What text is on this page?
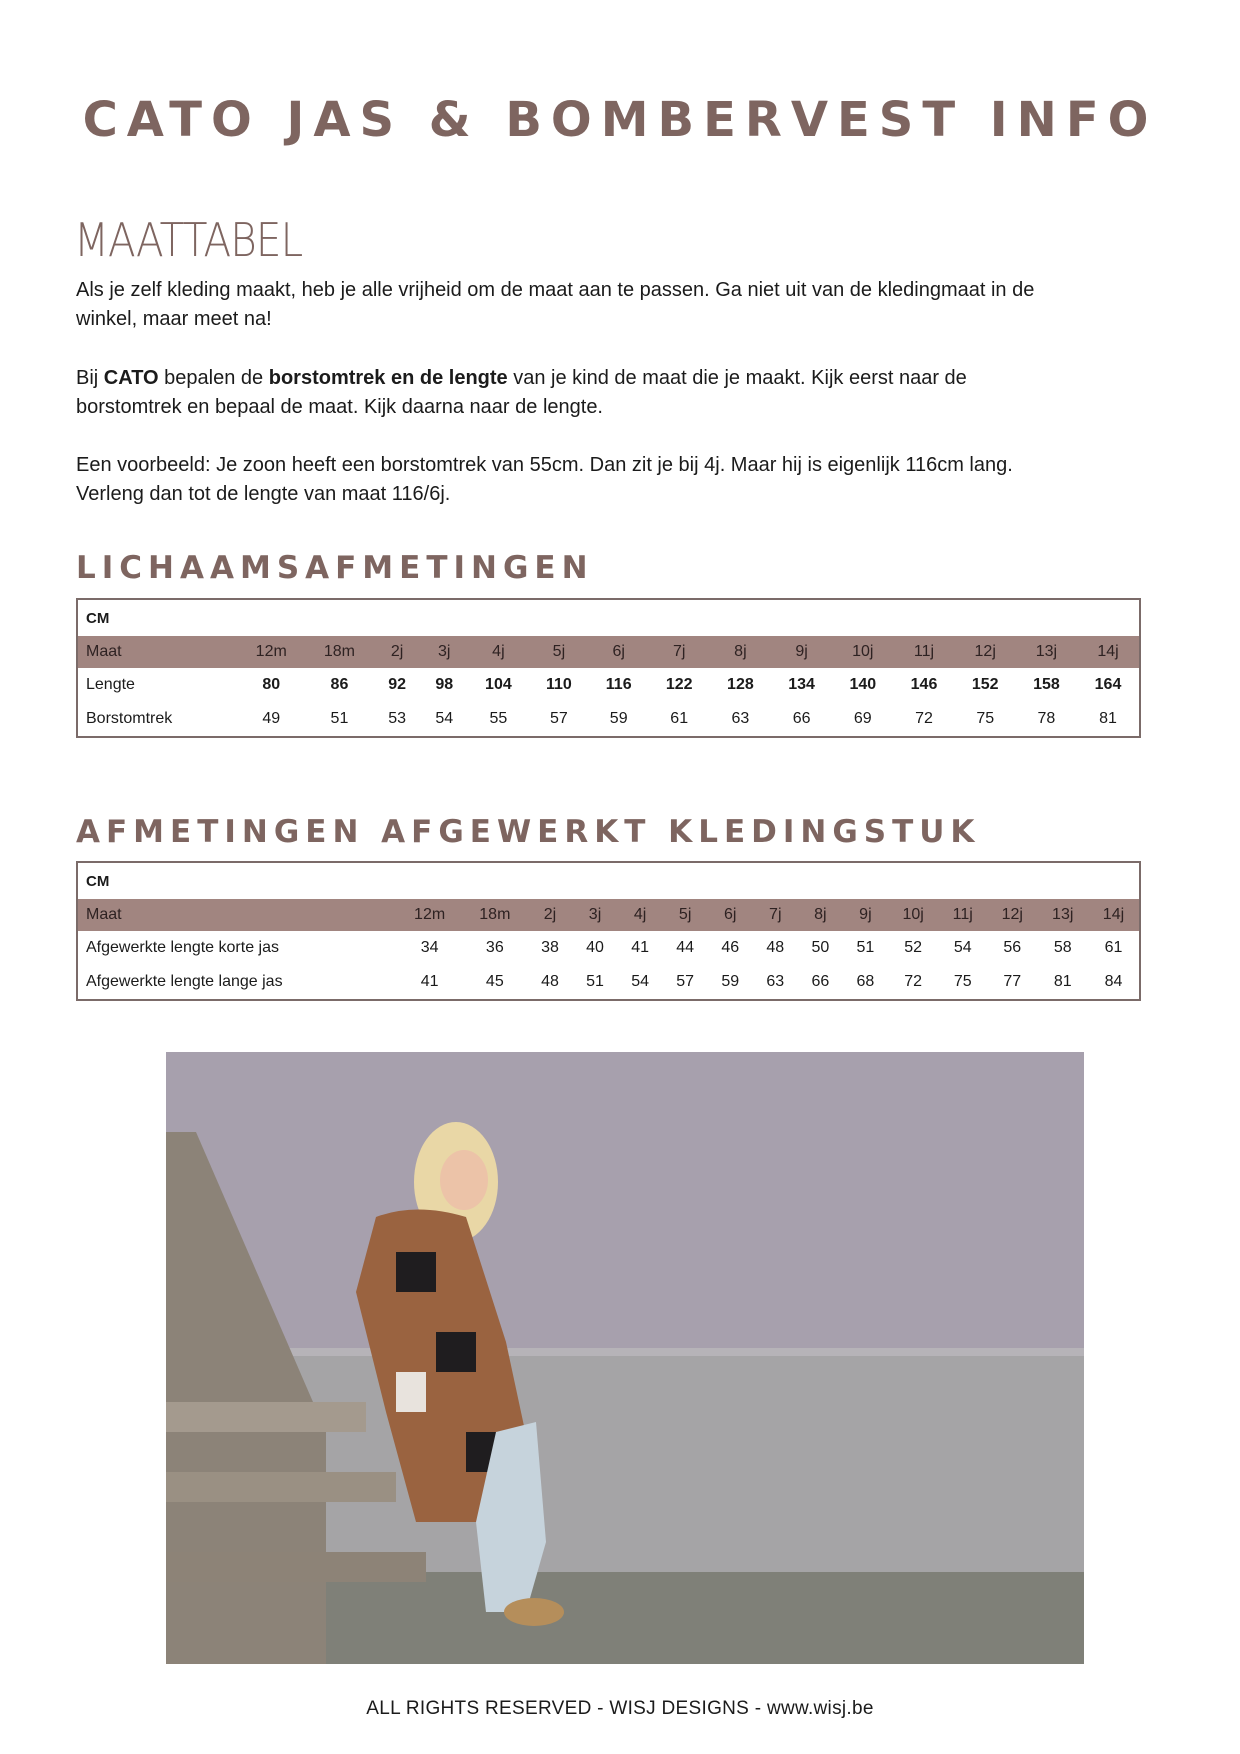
CATO JAS & BOMBERVEST INFO
MAATTABEL
Als je zelf kleding maakt, heb je alle vrijheid om de maat aan te passen. Ga niet uit van de kledingmaat in de winkel, maar meet na!
Bij CATO bepalen de borstomtrek en de lengte van je kind de maat die je maakt. Kijk eerst naar de borstomtrek en bepaal de maat. Kijk daarna naar de lengte.
Een voorbeeld: Je zoon heeft een borstomtrek van 55cm. Dan zit je bij 4j. Maar hij is eigenlijk 116cm lang. Verleng dan tot de lengte van maat 116/6j.
LICHAAMSAFMETINGEN
CM															
Maat	12m	18m	2j	3j	4j	5j	6j	7j	8j	9j	10j	11j	12j	13j	14j
Lengte	80	86	92	98	104	110	116	122	128	134	140	146	152	158	164
Borstomtrek	49	51	53	54	55	57	59	61	63	66	69	72	75	78	81
AFMETINGEN AFGEWERKT KLEDINGSTUK
CM															
Maat	12m	18m	2j	3j	4j	5j	6j	7j	8j	9j	10j	11j	12j	13j	14j
Afgewerkte lengte korte jas	34	36	38	40	41	44	46	48	50	51	52	54	56	58	61
Afgewerkte lengte lange jas	41	45	48	51	54	57	59	63	66	68	72	75	77	81	84
ALL RIGHTS RESERVED - WISJ DESIGNS - www.wisj.be
